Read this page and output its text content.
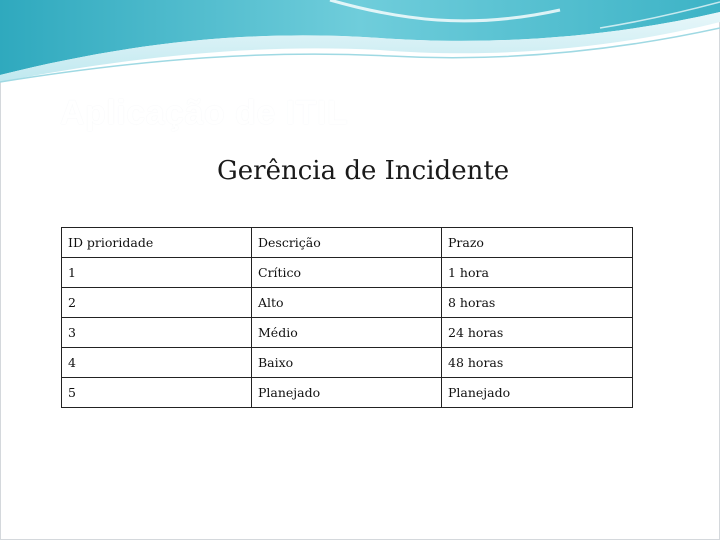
Aplicação de ITIL
Gerência de Incidente
ID prioridade	Descrição	Prazo
1	Crítico	1 hora
2	Alto	8 horas
3	Médio	24 horas
4	Baixo	48 horas
5	Planejado	Planejado
